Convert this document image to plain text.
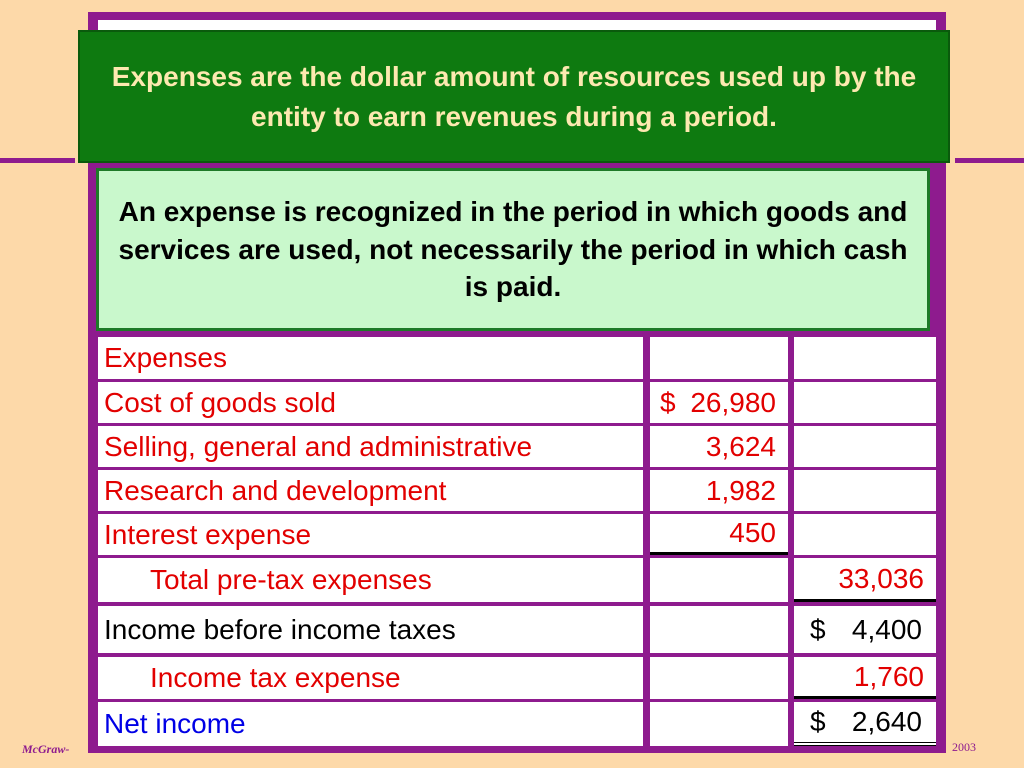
Expenses
Cost of goods sold	$ 26,980
Selling, general and administrative	3,624
Research and development	1,982
Interest expense	450
Total pre-tax expenses	33,036
Income before income taxes	$ 4,400
Income tax expense	1,760
Net income	$ 2,640
Expenses are the dollar amount of resources used up by the entity to earn revenues during a period.
An expense is recognized in the period in which goods and services are used, not necessarily the period in which cash is paid.
McGraw-	2003
